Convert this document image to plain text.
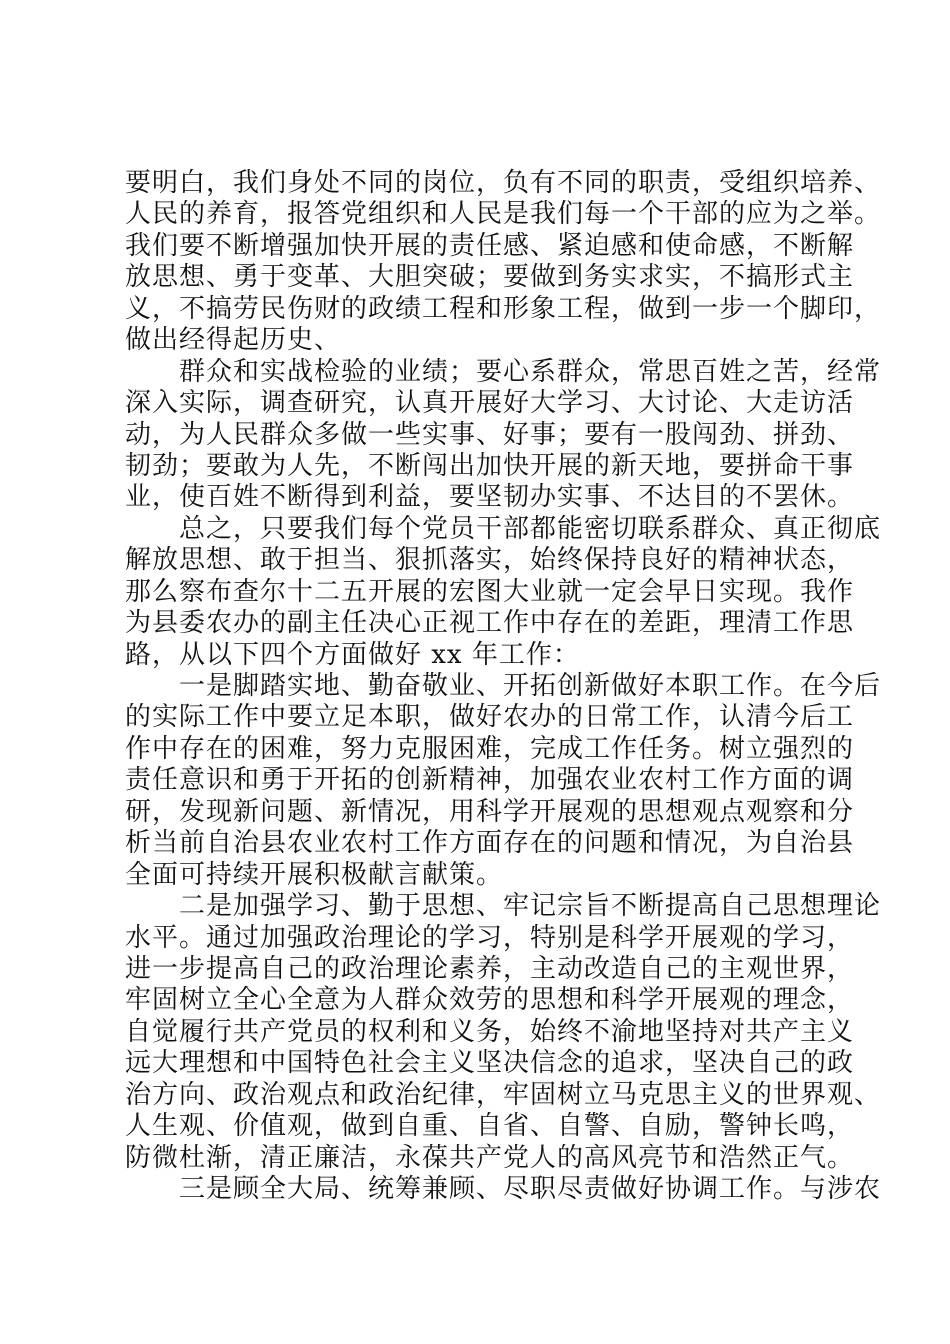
要明白，我们身处不同的岗位，负有不同的职责，受组织培养、
人民的养育，报答党组织和人民是我们每一个干部的应为之举。
我们要不断增强加快开展的责任感、紧迫感和使命感，不断解
放思想、勇于变革、大胆突破；要做到务实求实，不搞形式主
义，不搞劳民伤财的政绩工程和形象工程，做到一步一个脚印，
做出经得起历史、
群众和实战检验的业绩；要心系群众，常思百姓之苦，经常
深入实际，调查研究，认真开展好大学习、大讨论、大走访活
动，为人民群众多做一些实事、好事；要有一股闯劲、拼劲、
韧劲；要敢为人先，不断闯出加快开展的新天地，要拼命干事
业，使百姓不断得到利益，要坚韧办实事、不达目的不罢休。
总之，只要我们每个党员干部都能密切联系群众、真正彻底
解放思想、敢于担当、狠抓落实，始终保持良好的精神状态，
那么察布查尔十二五开展的宏图大业就一定会早日实现。我作
为县委农办的副主任决心正视工作中存在的差距，理清工作思
路，从以下四个方面做好 xx 年工作：
一是脚踏实地、勤奋敬业、开拓创新做好本职工作。在今后
的实际工作中要立足本职，做好农办的日常工作，认清今后工
作中存在的困难，努力克服困难，完成工作任务。树立强烈的
责任意识和勇于开拓的创新精神，加强农业农村工作方面的调
研，发现新问题、新情况，用科学开展观的思想观点观察和分
析当前自治县农业农村工作方面存在的问题和情况，为自治县
全面可持续开展积极献言献策。
二是加强学习、勤于思想、牢记宗旨不断提高自己思想理论
水平。通过加强政治理论的学习，特别是科学开展观的学习，
进一步提高自己的政治理论素养，主动改造自己的主观世界，
牢固树立全心全意为人群众效劳的思想和科学开展观的理念，
自觉履行共产党员的权利和义务，始终不渝地坚持对共产主义
远大理想和中国特色社会主义坚决信念的追求，坚决自己的政
治方向、政治观点和政治纪律，牢固树立马克思主义的世界观、
人生观、价值观，做到自重、自省、自警、自励，警钟长鸣，
防微杜渐，清正廉洁，永葆共产党人的高风亮节和浩然正气。
三是顾全大局、统筹兼顾、尽职尽责做好协调工作。与涉农
